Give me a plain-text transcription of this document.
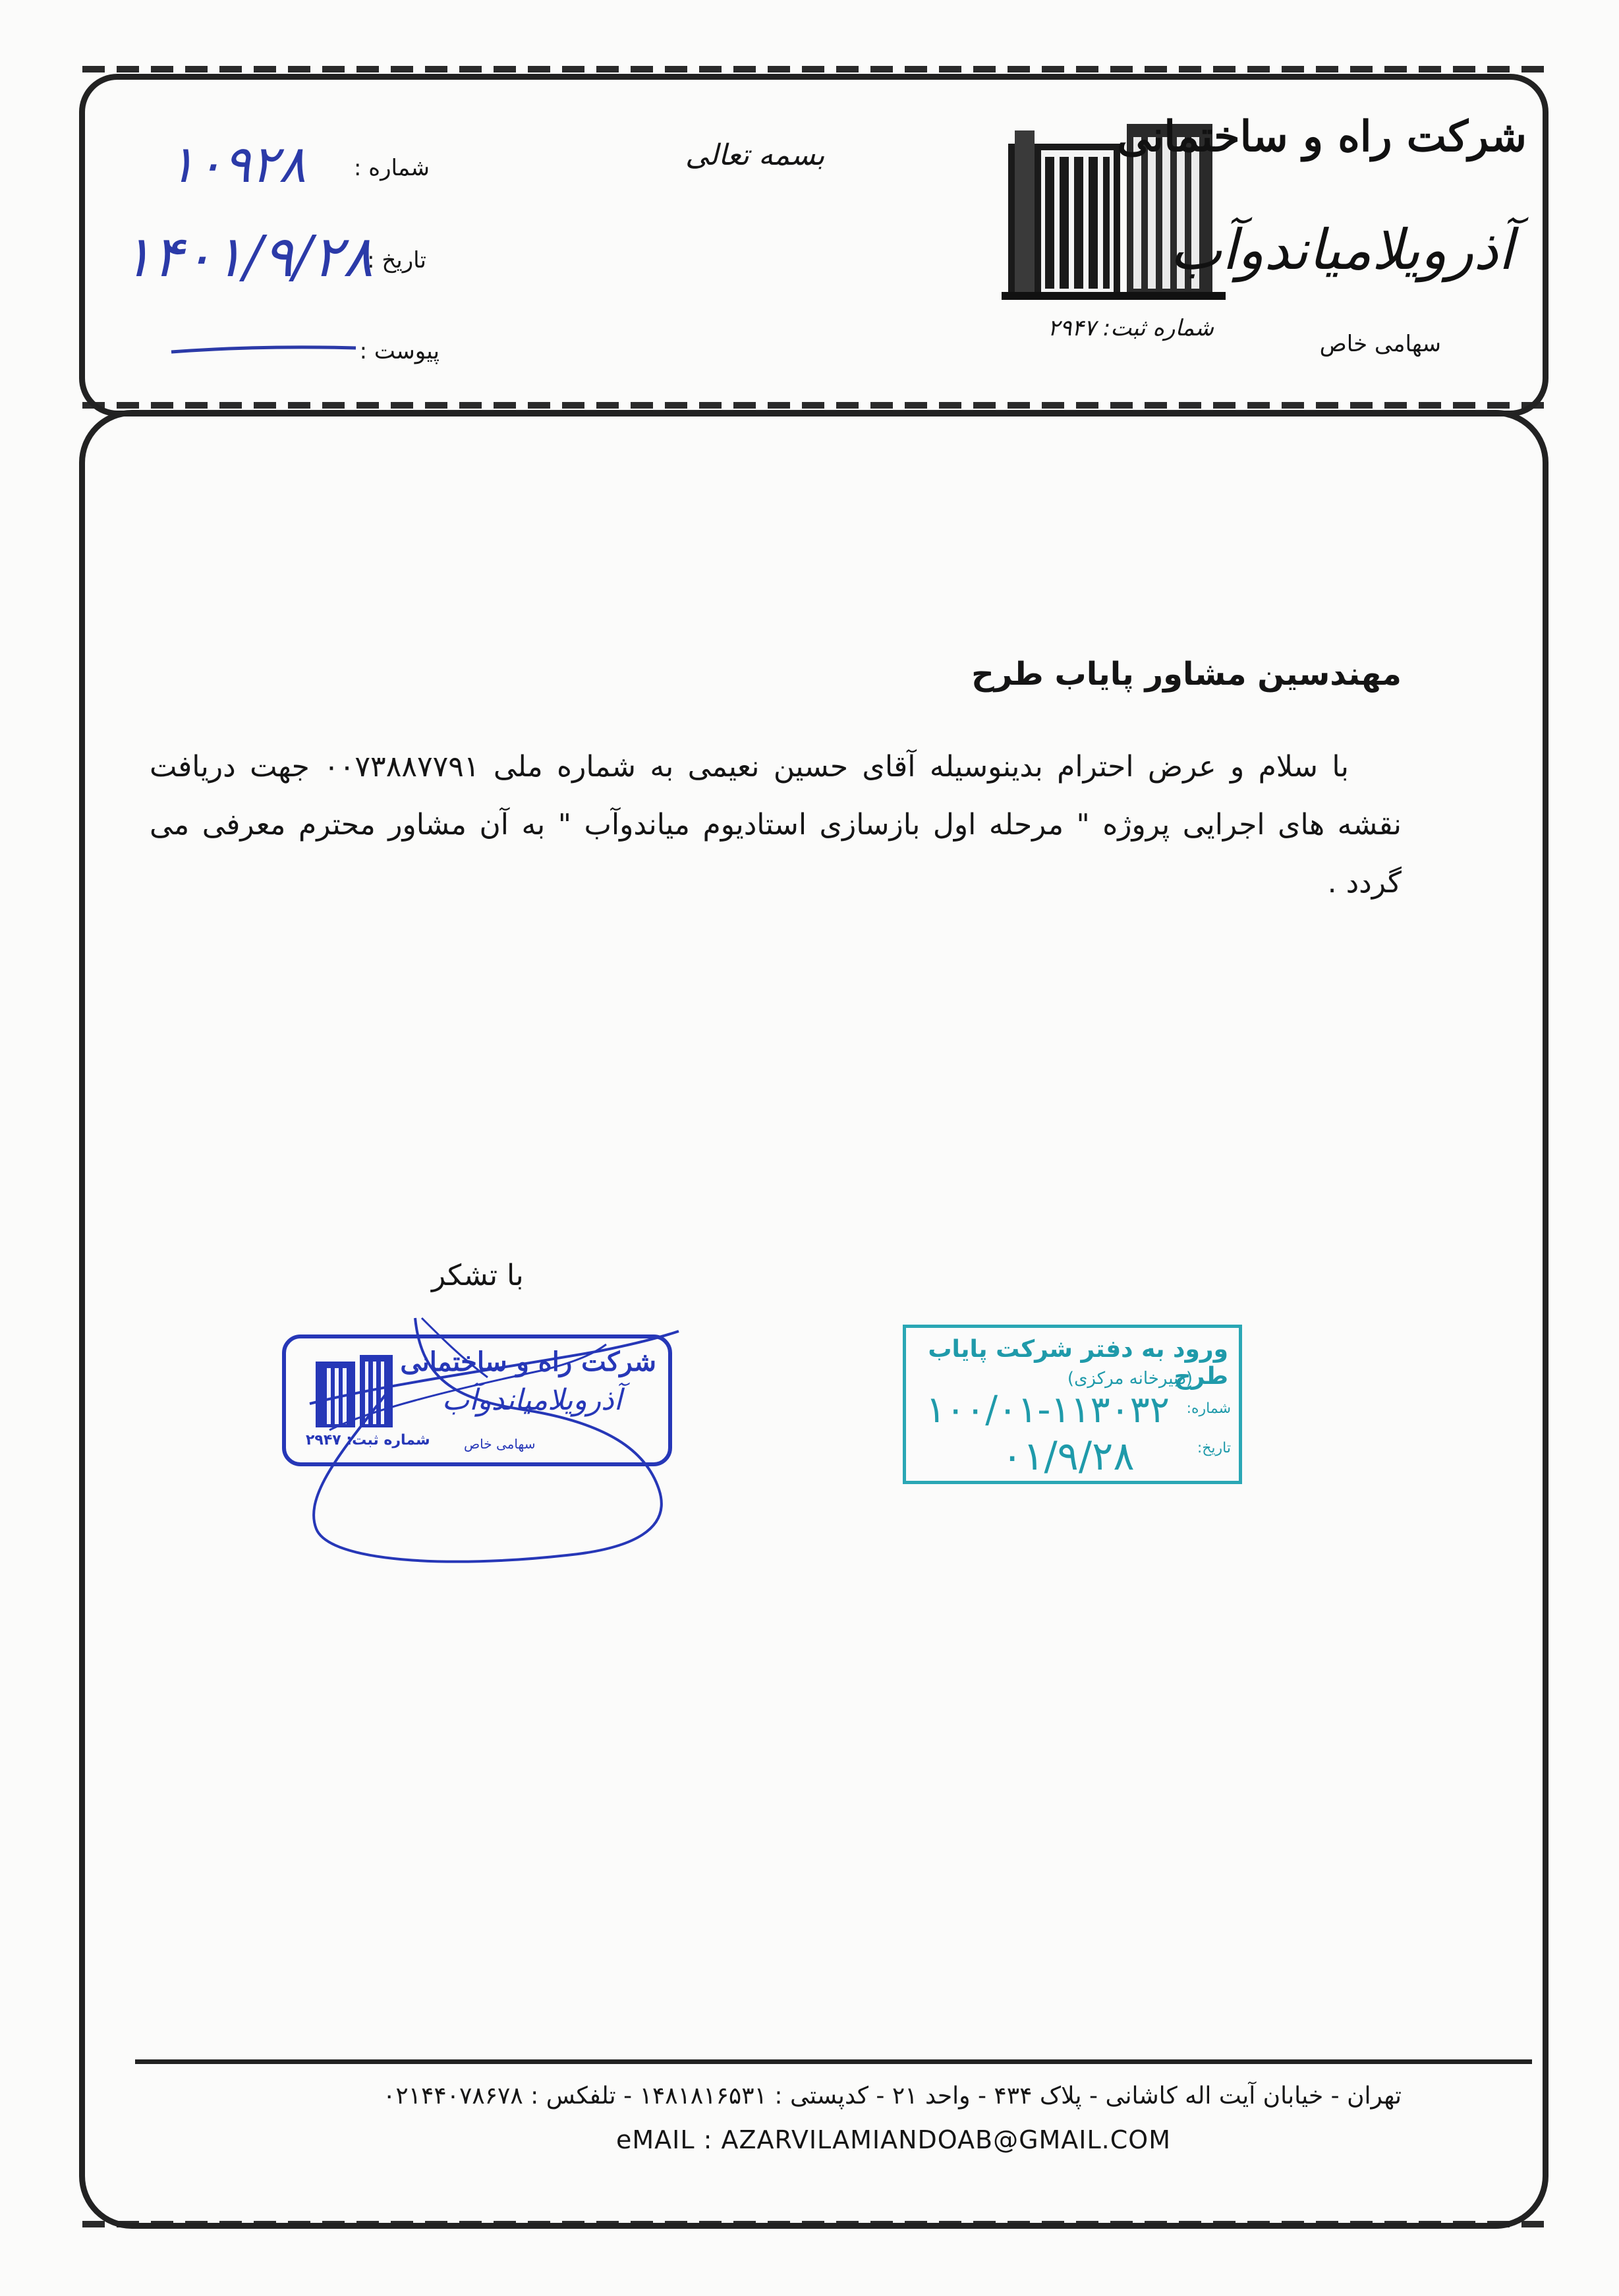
شرکت راه و ساختمانی
آذرویلامیاندوآب
سهامی خاص
شماره ثبت: ۲۹۴۷
بسمه تعالی
شماره :
۱۰۹۲۸
تاریخ :
۱۴۰۱/۹/۲۸
پیوست :
مهندسین مشاور پایاب طرح
با سلام و عرض احترام بدینوسیله آقای حسین نعیمی به شماره ملی ۰۰۷۳۸۸۷۷۹۱ جهت دریافت نقشه های اجرایی پروژه " مرحله اول بازسازی استادیوم میاندوآب " به آن مشاور محترم معرفی می گردد .
با تشکر
شرکت راه و ساختمانی
آذرویلامیاندوآب
شماره ثبت: ۲۹۴۷	سهامی خاص
ورود به دفتر شرکت پایاب طرح
(دبیرخانه مرکزی)
شماره:
۱۰۰/۰۱-۱۱۳۰۳۲
تاریخ:
۰۱/۹/۲۸
تهران - خیابان آیت اله کاشانی - پلاک ۴۳۴ - واحد ۲۱ - کدپستی : ۱۴۸۱۸۱۶۵۳۱ - تلفکس : ۰۲۱۴۴۰۷۸۶۷۸
eMAIL : AZARVILAMIANDOAB@GMAIL.COM
